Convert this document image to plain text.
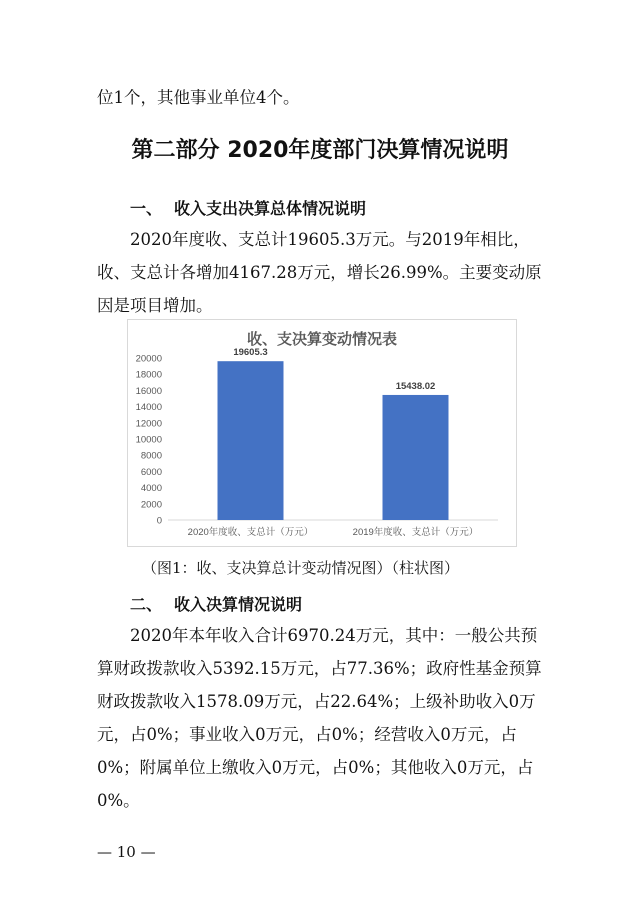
位1个，其他事业单位4个。
第二部分 2020年度部门决算情况说明
一、 收入支出决算总体情况说明
2020年度收、支总计19605.3万元。与2019年相比，
收、支总计各增加4167.28万元，增长26.99%。主要变动原
因是项目增加。
收、支决算变动情况表
0
2000
4000
6000
8000
10000
12000
14000
16000
18000
20000
19605.3
2020年度收、支总计（万元）
15438.02
2019年度收、支总计（万元）
（图1：收、支决算总计变动情况图）（柱状图）
二、 收入决算情况说明
2020年本年收入合计6970.24万元，其中：一般公共预
算财政拨款收入5392.15万元，占77.36%；政府性基金预算
财政拨款收入1578.09万元，占22.64%；上级补助收入0万
元，占0%；事业收入0万元，占0%；经营收入0万元，占
0%；附属单位上缴收入0万元，占0%；其他收入0万元，占
0%。
— 10 —
